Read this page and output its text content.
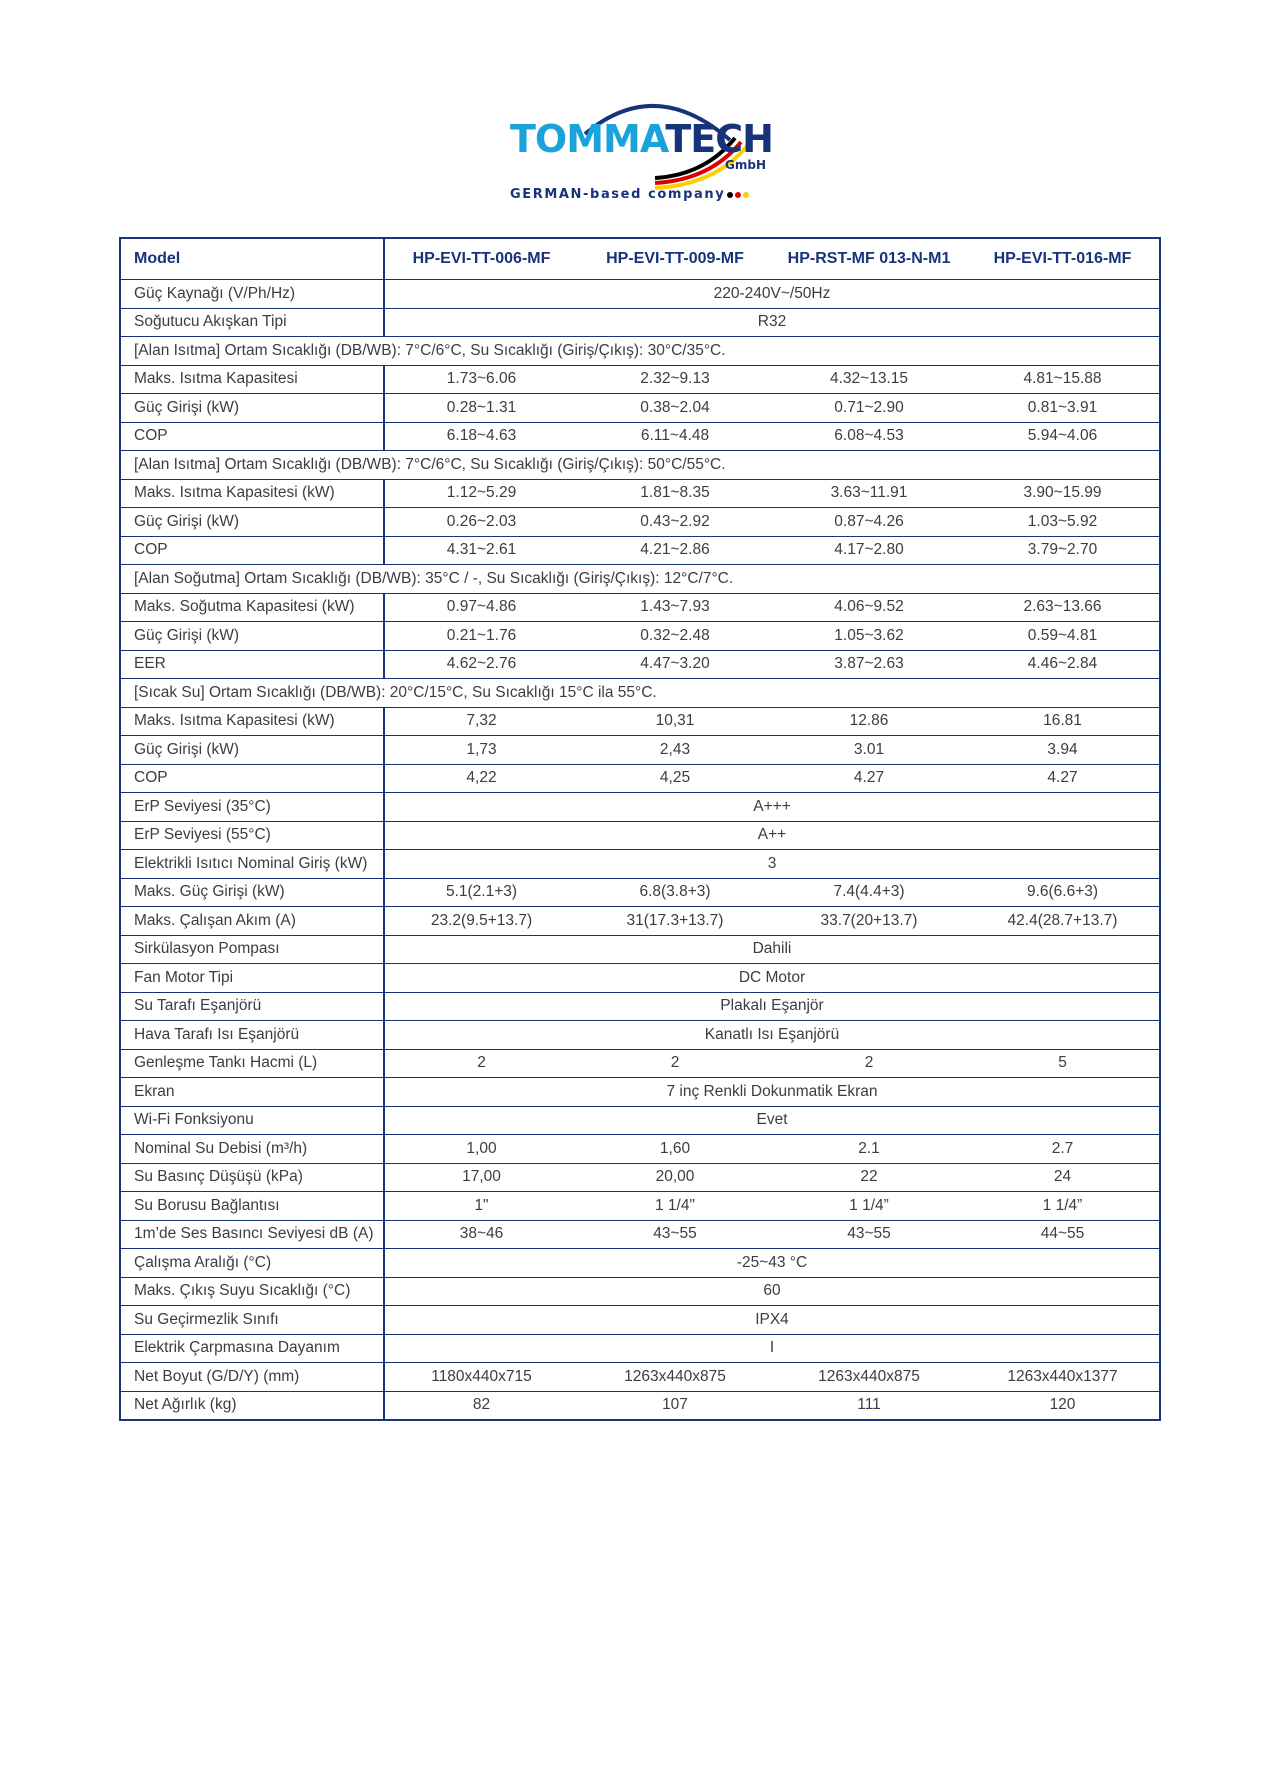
TOMMATECH
GmbH
GERMAN-based company
Model	HP-EVI-TT-006-MF	HP-EVI-TT-009-MF	HP-RST-MF 013-N-M1	HP-EVI-TT-016-MF
Güç Kaynağı (V/Ph/Hz)	220-240V~/50Hz			
Soğutucu Akışkan Tipi	R32			
[Alan Isıtma] Ortam Sıcaklığı (DB/WB): 7°C/6°C, Su Sıcaklığı (Giriş/Çıkış): 30°C/35°C.				
Maks. Isıtma Kapasitesi	1.73~6.06	2.32~9.13	4.32~13.15	4.81~15.88
Güç Girişi (kW)	0.28~1.31	0.38~2.04	0.71~2.90	0.81~3.91
COP	6.18~4.63	6.11~4.48	6.08~4.53	5.94~4.06
[Alan Isıtma] Ortam Sıcaklığı (DB/WB): 7°C/6°C, Su Sıcaklığı (Giriş/Çıkış): 50°C/55°C.				
Maks. Isıtma Kapasitesi (kW)	1.12~5.29	1.81~8.35	3.63~11.91	3.90~15.99
Güç Girişi (kW)	0.26~2.03	0.43~2.92	0.87~4.26	1.03~5.92
COP	4.31~2.61	4.21~2.86	4.17~2.80	3.79~2.70
[Alan Soğutma] Ortam Sıcaklığı (DB/WB): 35°C / -, Su Sıcaklığı (Giriş/Çıkış): 12°C/7°C.				
Maks. Soğutma Kapasitesi (kW)	0.97~4.86	1.43~7.93	4.06~9.52	2.63~13.66
Güç Girişi (kW)	0.21~1.76	0.32~2.48	1.05~3.62	0.59~4.81
EER	4.62~2.76	4.47~3.20	3.87~2.63	4.46~2.84
[Sıcak Su] Ortam Sıcaklığı (DB/WB): 20°C/15°C, Su Sıcaklığı 15°C ila 55°C.				
Maks. Isıtma Kapasitesi (kW)	7,32	10,31	12.86	16.81
Güç Girişi (kW)	1,73	2,43	3.01	3.94
COP	4,22	4,25	4.27	4.27
ErP Seviyesi (35°C)	A+++			
ErP Seviyesi (55°C)	A++			
Elektrikli Isıtıcı Nominal Giriş (kW)	3			
Maks. Güç Girişi (kW)	5.1(2.1+3)	6.8(3.8+3)	7.4(4.4+3)	9.6(6.6+3)
Maks. Çalışan Akım (A)	23.2(9.5+13.7)	31(17.3+13.7)	33.7(20+13.7)	42.4(28.7+13.7)
Sirkülasyon Pompası	Dahili			
Fan Motor Tipi	DC Motor			
Su Tarafı Eşanjörü	Plakalı Eşanjör			
Hava Tarafı Isı Eşanjörü	Kanatlı Isı Eşanjörü			
Genleşme Tankı Hacmi (L)	2	2	2	5
Ekran	7 inç Renkli Dokunmatik Ekran			
Wi-Fi Fonksiyonu	Evet			
Nominal Su Debisi (m³/h)	1,00	1,60	2.1	2.7
Su Basınç Düşüşü (kPa)	17,00	20,00	22	24
Su Borusu Bağlantısı	1"	1 1/4"	1 1/4”	1 1/4”
1m’de Ses Basıncı Seviyesi dB (A)	38~46	43~55	43~55	44~55
Çalışma Aralığı (°C)	-25~43 °C			
Maks. Çıkış Suyu Sıcaklığı (°C)	60			
Su Geçirmezlik Sınıfı	IPX4			
Elektrik Çarpmasına Dayanım	I			
Net Boyut (G/D/Y) (mm)	1180x440x715	1263x440x875	1263x440x875	1263x440x1377
Net Ağırlık (kg)	82	107	111	120
